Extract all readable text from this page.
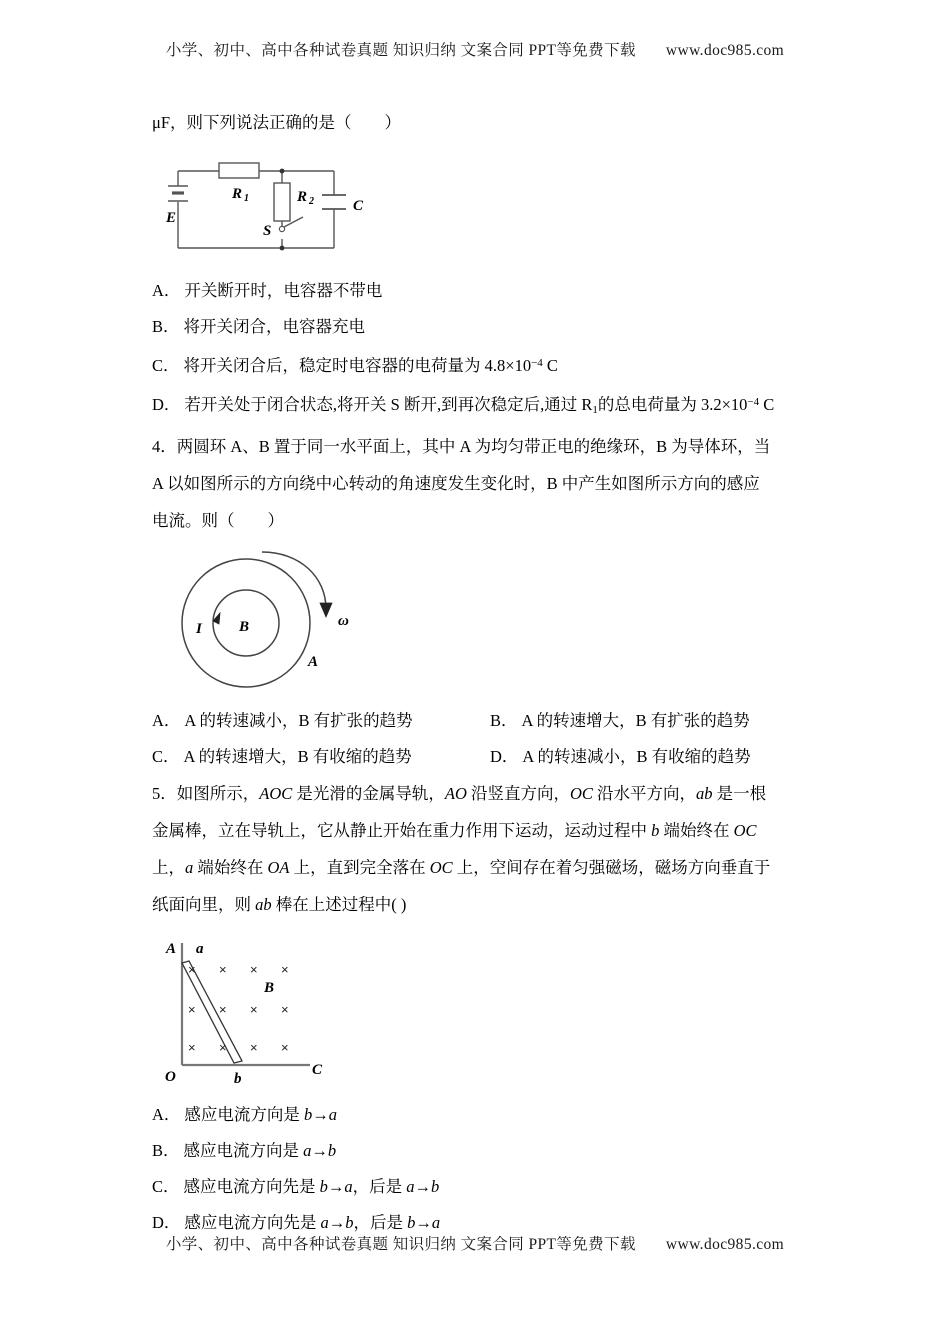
小学、初中、高中各种试卷真题 知识归纳 文案合同 PPT等免费下载 www.doc985.com

μF，则下列说法正确的是（　　）

E
R 1	R 2
S
C

A． 开关断开时，电容器不带电

B． 将开关闭合，电容器充电

C． 将开关闭合后，稳定时电容器的电荷量为 $4.8\times 10^{-4}$ C

D． 若开关处于闭合状态,将开关 S 断开,到再次稳定后,通过 $R_1$的总电荷量为 $3.2\times 10^{-4}$ C

4．两圆环 A、B 置于同一水平面上，其中 A 为均匀带正电的绝缘环，B 为导体环，当

A 以如图所示的方向绕中心转动的角速度发生变化时，B 中产生如图所示方向的感应

电流。则（　　）

I B	ω
A
A． A 的转速减小，B 有扩张的趋势	B． A 的转速增大，B 有扩张的趋势
C． A 的转速增大，B 有收缩的趋势	D． A 的转速减小，B 有收缩的趋势

5．如图所示，AOC 是光滑的金属导轨，AO 沿竖直方向，OC 沿水平方向，ab 是一根

金属棒，立在导轨上，它从静止开始在重力作用下运动，运动过程中 b 端始终在 OC

上，a 端始终在 OA 上，直到完全落在 OC 上，空间存在着匀强磁场，磁场方向垂直于

纸面向里，则 ab 棒在上述过程中( )

× × × ×
× × × ×
× × × ×
A a
B
O	b
C

A． 感应电流方向是 b→a

B． 感应电流方向是 a→b

C． 感应电流方向先是 b→a，后是 a→b

D． 感应电流方向先是 a→b，后是 b→a

小学、初中、高中各种试卷真题 知识归纳 文案合同 PPT等免费下载 www.doc985.com
